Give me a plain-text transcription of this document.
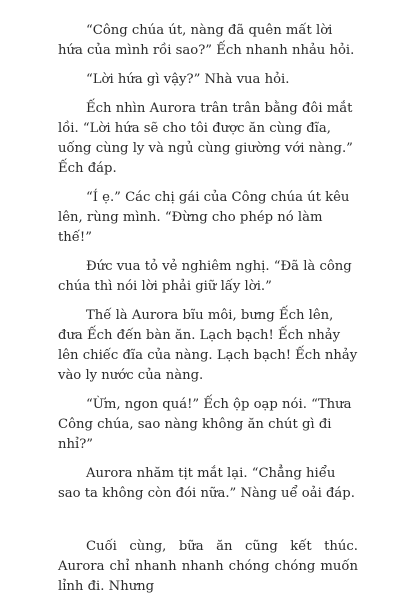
“Công chúa út, nàng đã quên mất lời hứa của mình rồi sao?” Ếch nhanh nhảu hỏi.

“Lời hứa gì vậy?” Nhà vua hỏi.

Ếch nhìn Aurora trân trân bằng đôi mắt lồi. “Lời hứa sẽ cho tôi được ăn cùng đĩa, uống cùng ly và ngủ cùng giường với nàng.” Ếch đáp.

“Í ẹ.” Các chị gái của Công chúa út kêu lên, rùng mình. “Đừng cho phép nó làm thế!”

Đức vua tỏ vẻ nghiêm nghị. “Đã là công chúa thì nói lời phải giữ lấy lời.”

Thế là Aurora bĩu môi, bưng Ếch lên, đưa Ếch đến bàn ăn. Lạch bạch! Ếch nhảy lên chiếc đĩa của nàng. Lạch bạch! Ếch nhảy vào ly nước của nàng.

“Ừm, ngon quá!” Ếch ộp oạp nói. “Thưa Công chúa, sao nàng không ăn chút gì đi nhỉ?”

Aurora nhăm tịt mắt lại. “Chẳng hiểu sao ta không còn đói nữa.” Nàng uể oải đáp.

Cuối cùng, bữa ăn cũng kết thúc. Aurora chỉ nhanh nhanh chóng chóng muốn lỉnh đi. Nhưng
